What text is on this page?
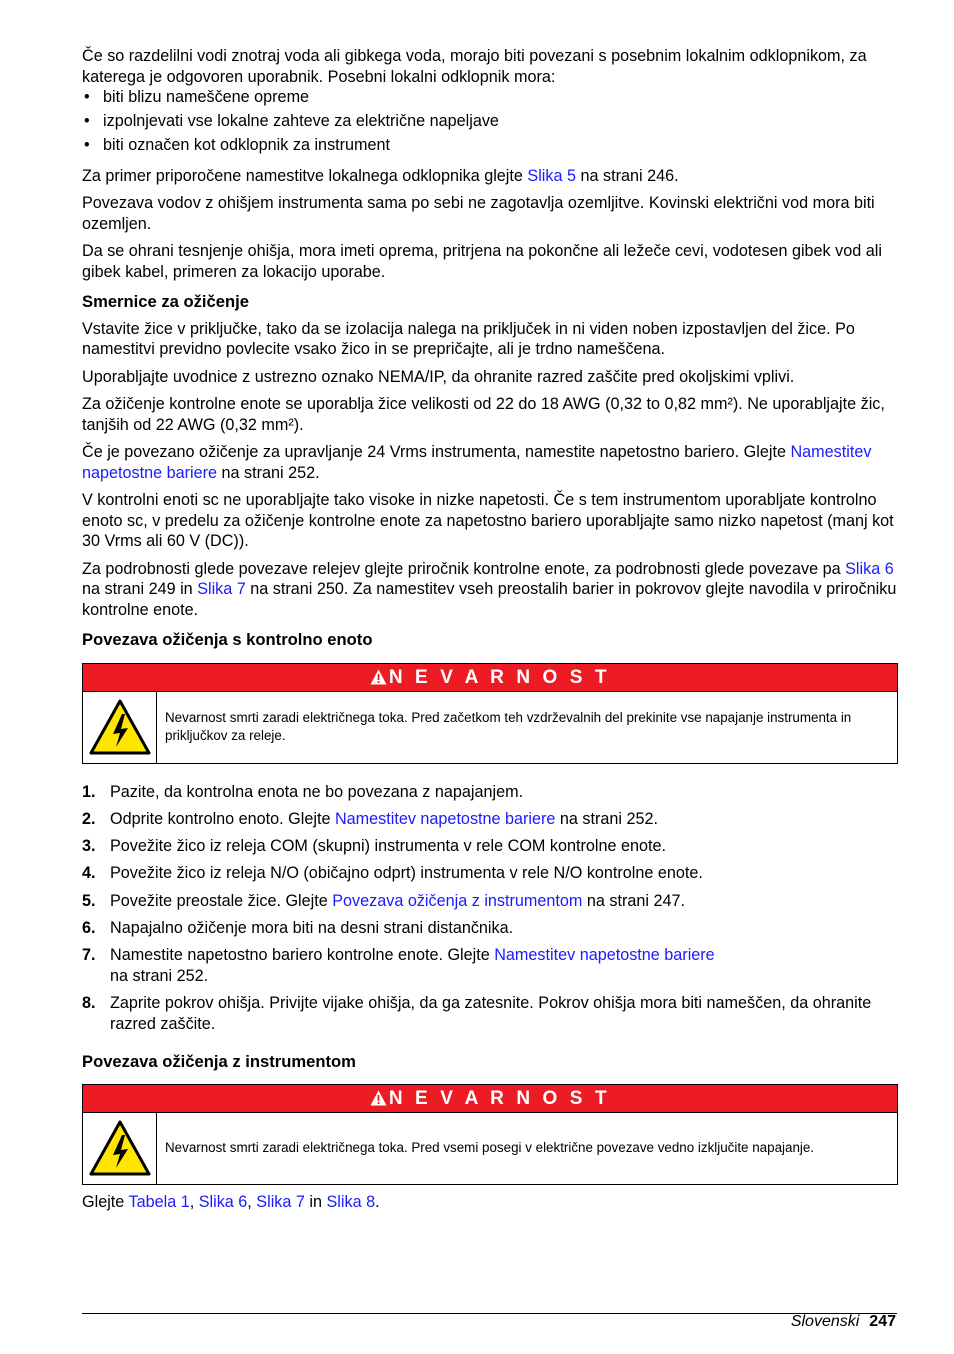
Če so razdelilni vodi znotraj voda ali gibkega voda, morajo biti povezani s posebnim lokalnim odklopnikom, za katerega je odgovoren uporabnik. Posebni lokalni odklopnik mora:

• biti blizu nameščene opreme
• izpolnjevati vse lokalne zahteve za električne napeljave
• biti označen kot odklopnik za instrument

Za primer priporočene namestitve lokalnega odklopnika glejte Slika 5 na strani 246.

Povezava vodov z ohišjem instrumenta sama po sebi ne zagotavlja ozemljitve. Kovinski električni vod mora biti ozemljen.

Da se ohrani tesnjenje ohišja, mora imeti oprema, pritrjena na pokončne ali ležeče cevi, vodotesen gibek vod ali gibek kabel, primeren za lokacijo uporabe.

Smernice za ožičenje

Vstavite žice v priključke, tako da se izolacija nalega na priključek in ni viden noben izpostavljen del žice. Po namestitvi previdno povlecite vsako žico in se prepričajte, ali je trdno nameščena.

Uporabljajte uvodnice z ustrezno oznako NEMA/IP, da ohranite razred zaščite pred okoljskimi vplivi.

Za ožičenje kontrolne enote se uporablja žice velikosti od 22 do 18 AWG (0,32 to 0,82 mm²). Ne uporabljajte žic, tanjših od 22 AWG (0,32 mm²).

Če je povezano ožičenje za upravljanje 24 Vrms instrumenta, namestite napetostno bariero. Glejte Namestitev napetostne bariere na strani 252.

V kontrolni enoti sc ne uporabljajte tako visoke in nizke napetosti. Če s tem instrumentom uporabljate kontrolno enoto sc, v predelu za ožičenje kontrolne enote za napetostno bariero uporabljajte samo nizko napetost (manj kot 30 Vrms ali 60 V (DC)).

Za podrobnosti glede povezave relejev glejte priročnik kontrolne enote, za podrobnosti glede povezave pa Slika 6 na strani 249 in Slika 7 na strani 250. Za namestitev vseh preostalih barier in pokrovov glejte navodila v priročniku kontrolne enote.

Povezava ožičenja s kontrolno enoto
N E V A R N O S T
Nevarnost smrti zaradi električnega toka. Pred začetkom teh vzdrževalnih del prekinite vse napajanje instrumenta in priključkov za releje.
1. Pazite, da kontrolna enota ne bo povezana z napajanjem.
2. Odprite kontrolno enoto. Glejte Namestitev napetostne bariere na strani 252.
3. Povežite žico iz releja COM (skupni) instrumenta v rele COM kontrolne enote.
4. Povežite žico iz releja N/O (običajno odprt) instrumenta v rele N/O kontrolne enote.
5. Povežite preostale žice. Glejte Povezava ožičenja z instrumentom na strani 247.
6. Napajalno ožičenje mora biti na desni strani distančnika.
7. Namestite napetostno bariero kontrolne enote. Glejte Namestitev napetostne bariere
na strani 252.
8. Zaprite pokrov ohišja. Privijte vijake ohišja, da ga zatesnite. Pokrov ohišja mora biti nameščen, da ohranite razred zaščite.
Povezava ožičenja z instrumentom
N E V A R N O S T
Nevarnost smrti zaradi električnega toka. Pred vsemi posegi v električne povezave vedno izključite napajanje.

Glejte Tabela 1, Slika 6, Slika 7 in Slika 8.

Slovenski 247
